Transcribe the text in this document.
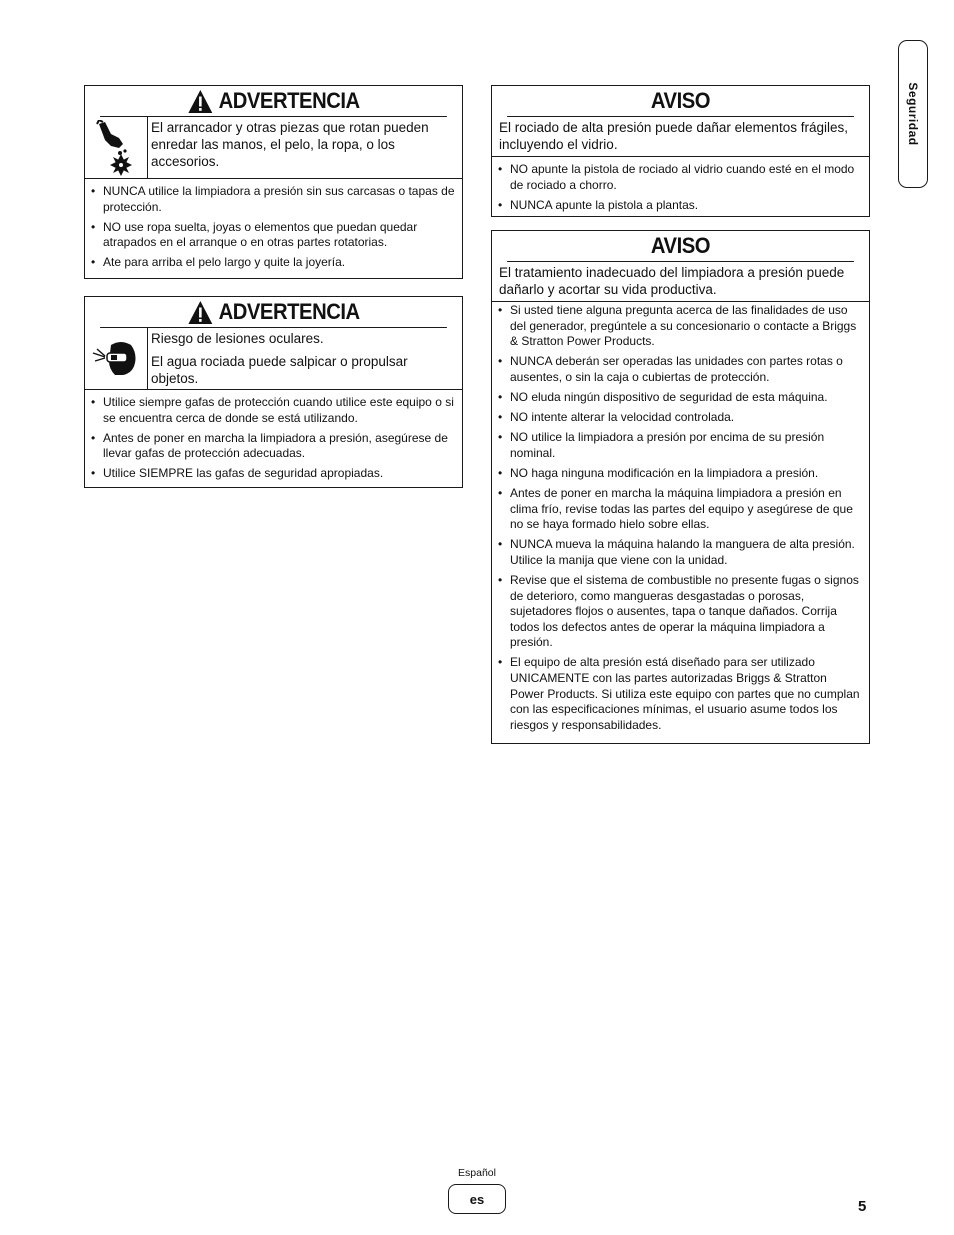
Seguridad
ADVERTENCIA

El arrancador y otras piezas que rotan pueden enredar las manos, el pelo, la ropa, o los accesorios.

• NUNCA utilice la limpiadora a presión sin sus carcasas o tapas de protección.
• NO use ropa suelta, joyas o elementos que puedan quedar atrapados en el arranque o en otras partes rotatorias.
• Ate para arriba el pelo largo y quite la joyería.
ADVERTENCIA

Riesgo de lesiones oculares.

El agua rociada puede salpicar o propulsar objetos.

• Utilice siempre gafas de protección cuando utilice este equipo o si se encuentra cerca de donde se está utilizando.
• Antes de poner en marcha la limpiadora a presión, asegúrese de llevar gafas de protección adecuadas.
• Utilice SIEMPRE las gafas de seguridad apropiadas.
AVISO
El rociado de alta presión puede dañar elementos frágiles, incluyendo el vidrio.
• NO apunte la pistola de rociado al vidrio cuando esté en el modo de rociado a chorro.
• NUNCA apunte la pistola a plantas.
AVISO
El tratamiento inadecuado del limpiadora a presión puede dañarlo y acortar su vida productiva.
• Si usted tiene alguna pregunta acerca de las finalidades de uso del generador, pregúntele a su concesionario o contacte a Briggs & Stratton Power Products.
• NUNCA deberán ser operadas las unidades con partes rotas o ausentes, o sin la caja o cubiertas de protección.
• NO eluda ningún dispositivo de seguridad de esta máquina.
• NO intente alterar la velocidad controlada.
• NO utilice la limpiadora a presión por encima de su presión nominal.
• NO haga ninguna modificación en la limpiadora a presión.
• Antes de poner en marcha la máquina limpiadora a presión en clima frío, revise todas las partes del equipo y asegúrese de que no se haya formado hielo sobre ellas.
• NUNCA mueva la máquina halando la manguera de alta presión. Utilice la manija que viene con la unidad.
• Revise que el sistema de combustible no presente fugas o signos de deterioro, como mangueras desgastadas o porosas, sujetadores flojos o ausentes, tapa o tanque dañados. Corrija todos los defectos antes de operar la máquina limpiadora a presión.
• El equipo de alta presión está diseñado para ser utilizado UNICAMENTE con las partes autorizadas Briggs & Stratton Power Products. Si utiliza este equipo con partes que no cumplan con las especificaciones mínimas, el usuario asume todos los riesgos y responsabilidades.
Español
es	5
